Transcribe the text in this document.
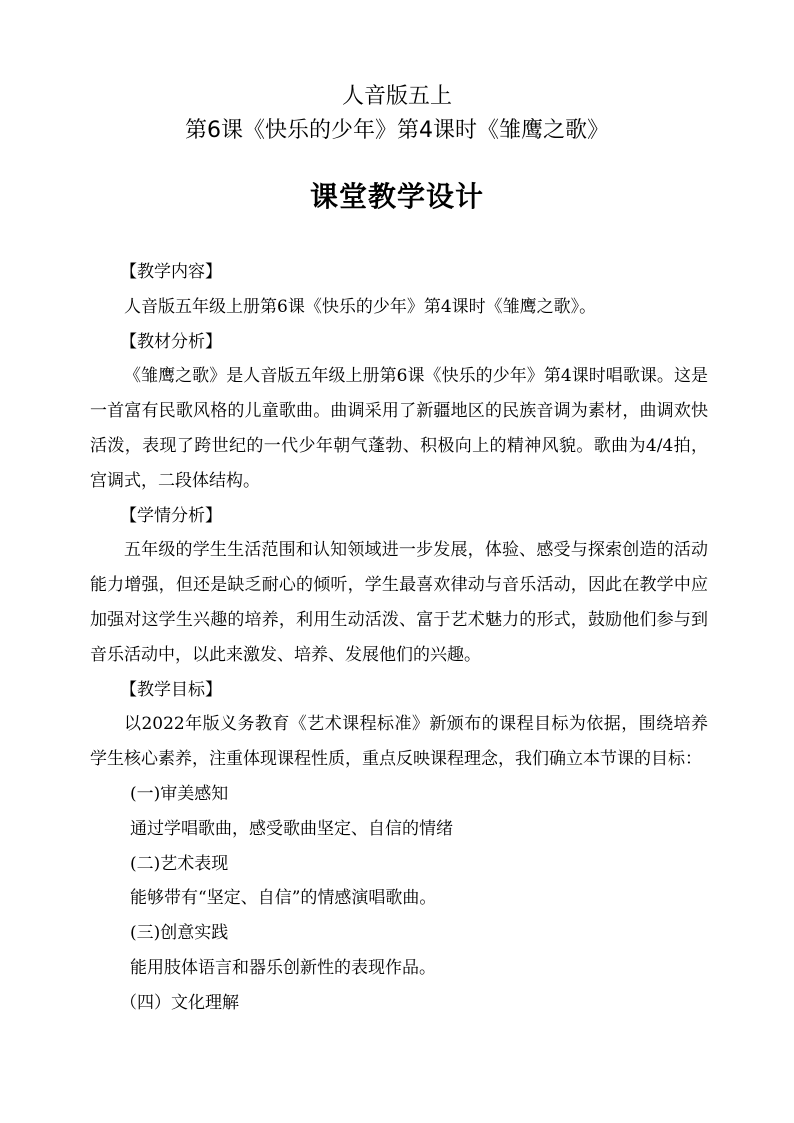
人音版五上
第6课《快乐的少年》第4课时《雏鹰之歌》
课堂教学设计

【教学内容】

人音版五年级上册第6课《快乐的少年》第4课时《雏鹰之歌》。

【教材分析】

《雏鹰之歌》是人音版五年级上册第6课《快乐的少年》第4课时唱歌课。这是一首富有民歌风格的儿童歌曲。曲调采用了新疆地区的民族音调为素材，曲调欢快活泼，表现了跨世纪的一代少年朝气蓬勃、积极向上的精神风貌。歌曲为4/4拍，宫调式，二段体结构。

【学情分析】

五年级的学生生活范围和认知领域进一步发展，体验、感受与探索创造的活动能力增强，但还是缺乏耐心的倾听，学生最喜欢律动与音乐活动，因此在教学中应加强对这学生兴趣的培养，利用生动活泼、富于艺术魅力的形式，鼓励他们参与到音乐活动中，以此来激发、培养、发展他们的兴趣。

【教学目标】

以2022年版义务教育《艺术课程标准》新颁布的课程目标为依据，围绕培养学生核心素养，注重体现课程性质，重点反映课程理念，我们确立本节课的目标：

(一)审美感知

通过学唱歌曲，感受歌曲坚定、自信的情绪

(二)艺术表现

能够带有“坚定、自信”的情感演唱歌曲。

(三)创意实践

能用肢体语言和器乐创新性的表现作品。

（四）文化理解
